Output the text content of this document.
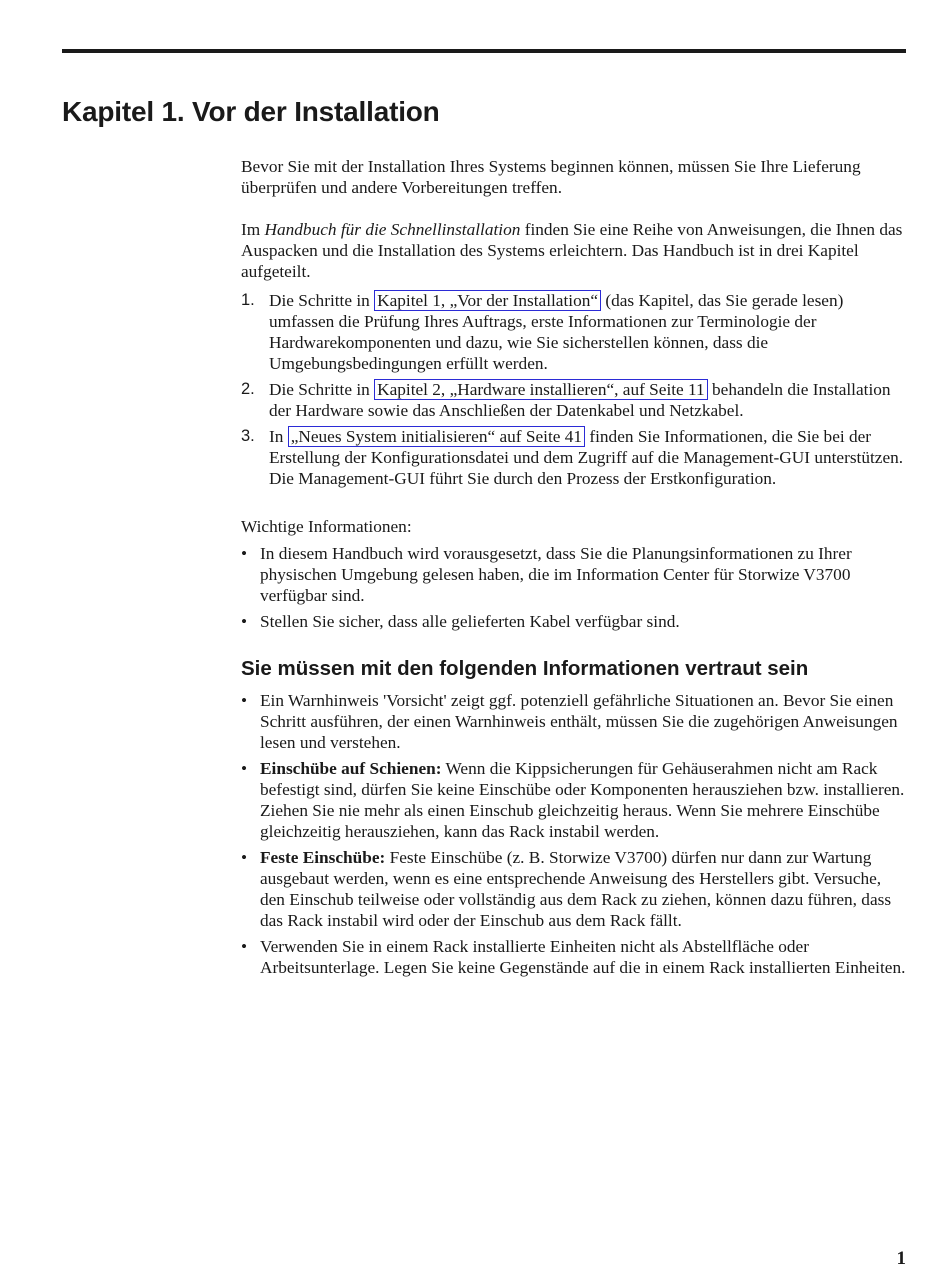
Kapitel 1. Vor der Installation

Bevor Sie mit der Installation Ihres Systems beginnen können, müssen Sie Ihre Lieferung überprüfen und andere Vorbereitungen treffen.

Im Handbuch für die Schnellinstallation finden Sie eine Reihe von Anweisungen, die Ihnen das Auspacken und die Installation des Systems erleichtern. Das Handbuch ist in drei Kapitel aufgeteilt.

1. Die Schritte in Kapitel 1, „Vor der Installation“ (das Kapitel, das Sie gerade lesen) umfassen die Prüfung Ihres Auftrags, erste Informationen zur Terminologie der Hardwarekomponenten und dazu, wie Sie sicherstellen können, dass die Umgebungsbedingungen erfüllt werden.
2. Die Schritte in Kapitel 2, „Hardware installieren“, auf Seite 11 behandeln die Installation der Hardware sowie das Anschließen der Datenkabel und Netzkabel.
3. In „Neues System initialisieren“ auf Seite 41 finden Sie Informationen, die Sie bei der Erstellung der Konfigurationsdatei und dem Zugriff auf die Management-GUI unterstützen. Die Management-GUI führt Sie durch den Prozess der Erstkonfiguration.

Wichtige Informationen:

• In diesem Handbuch wird vorausgesetzt, dass Sie die Planungsinformationen zu Ihrer physischen Umgebung gelesen haben, die im Information Center für Storwize V3700 verfügbar sind.
• Stellen Sie sicher, dass alle gelieferten Kabel verfügbar sind.
Sie müssen mit den folgenden Informationen vertraut sein
• Ein Warnhinweis 'Vorsicht' zeigt ggf. potenziell gefährliche Situationen an. Bevor Sie einen Schritt ausführen, der einen Warnhinweis enthält, müssen Sie die zugehörigen Anweisungen lesen und verstehen.
• Einschübe auf Schienen: Wenn die Kippsicherungen für Gehäuserahmen nicht am Rack befestigt sind, dürfen Sie keine Einschübe oder Komponenten herausziehen bzw. installieren. Ziehen Sie nie mehr als einen Einschub gleichzeitig heraus. Wenn Sie mehrere Einschübe gleichzeitig herausziehen, kann das Rack instabil werden.
• Feste Einschübe: Feste Einschübe (z. B. Storwize V3700) dürfen nur dann zur Wartung ausgebaut werden, wenn es eine entsprechende Anweisung des Herstellers gibt. Versuche, den Einschub teilweise oder vollständig aus dem Rack zu ziehen, können dazu führen, dass das Rack instabil wird oder der Einschub aus dem Rack fällt.
• Verwenden Sie in einem Rack installierte Einheiten nicht als Abstellfläche oder Arbeitsunterlage. Legen Sie keine Gegenstände auf die in einem Rack installierten Einheiten.
1
